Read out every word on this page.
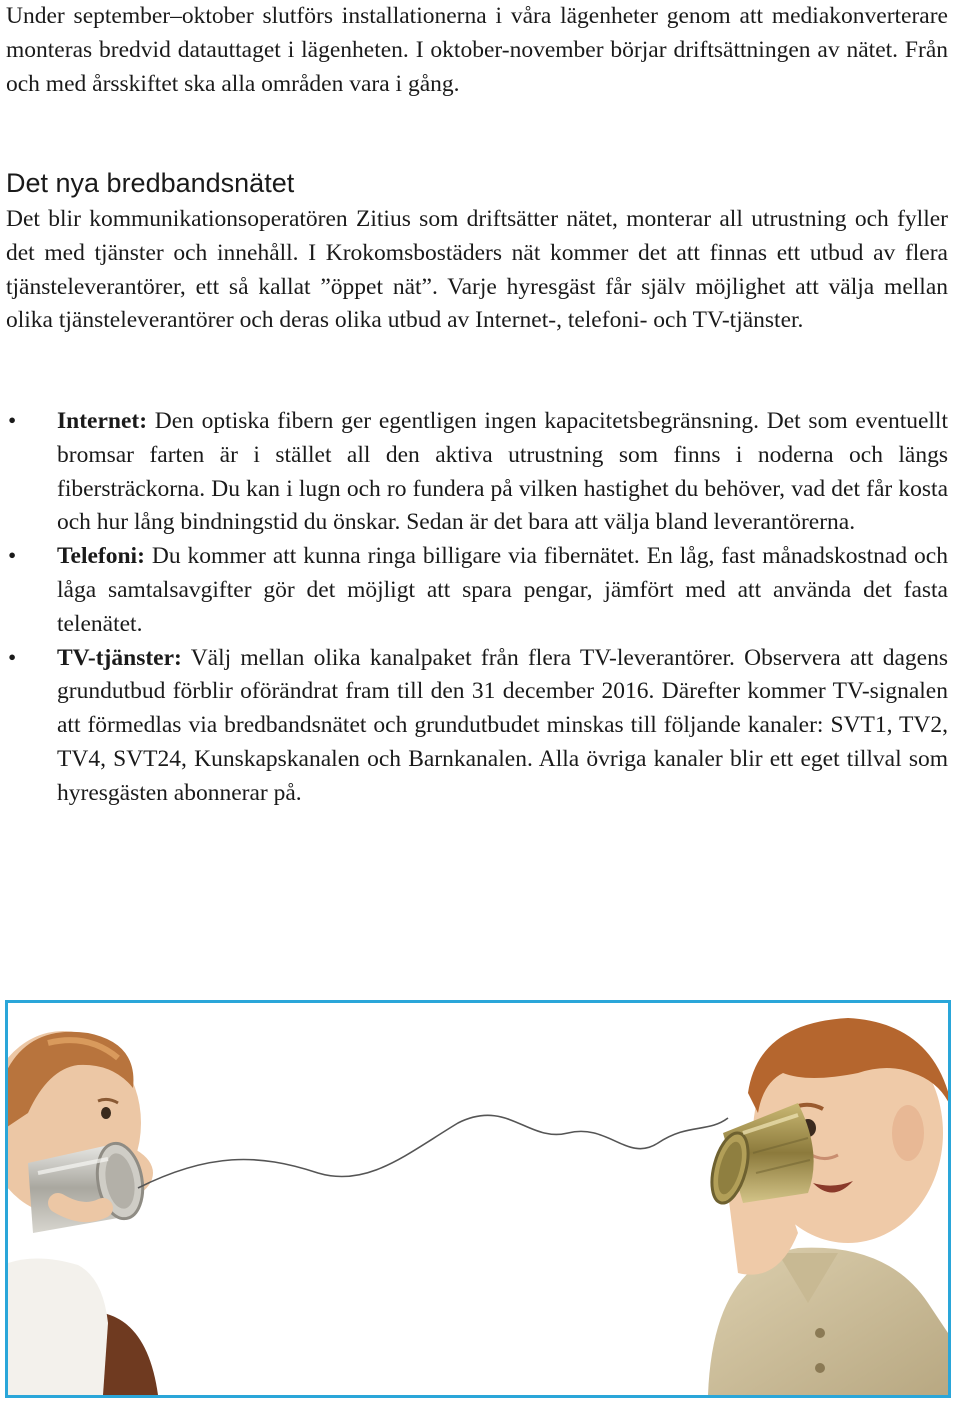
Under september–oktober slutförs installationerna i våra lägenheter genom att mediakonverterare monteras bredvid datauttaget i lägenheten. I oktober-november börjar driftsättningen av nätet. Från och med årsskiftet ska alla områden vara i gång.

Det nya bredbandsnätet

Det blir kommunikationsoperatören Zitius som driftsätter nätet, monterar all utrustning och fyller det med tjänster och innehåll. I Krokomsbostäders nät kommer det att finnas ett utbud av flera tjänsteleverantörer, ett så kallat ”öppet nät”. Varje hyresgäst får själv möjlighet att välja mellan olika tjänsteleverantörer och deras olika utbud av Internet-, telefoni- och TV-tjänster.

• Internet: Den optiska fibern ger egentligen ingen kapacitetsbegränsning. Det som eventuellt bromsar farten är i stället all den aktiva utrustning som finns i noderna och längs fibersträckorna. Du kan i lugn och ro fundera på vilken hastighet du behöver, vad det får kosta och hur lång bindningstid du önskar. Sedan är det bara att välja bland leverantörerna.
• Telefoni: Du kommer att kunna ringa billigare via fibernätet. En låg, fast månadskostnad och låga samtalsavgifter gör det möjligt att spara pengar, jämfört med att använda det fasta telenätet.
• TV-tjänster: Välj mellan olika kanalpaket från flera TV-leverantörer. Observera att dagens grundutbud förblir oförändrat fram till den 31 december 2016. Därefter kommer TV-signalen att förmedlas via bredbandsnätet och grundutbudet minskas till följande kanaler: SVT1, TV2, TV4, SVT24, Kunskapskanalen och Barnkanalen. Alla övriga kanaler blir ett eget tillval som hyresgästen abonnerar på.
